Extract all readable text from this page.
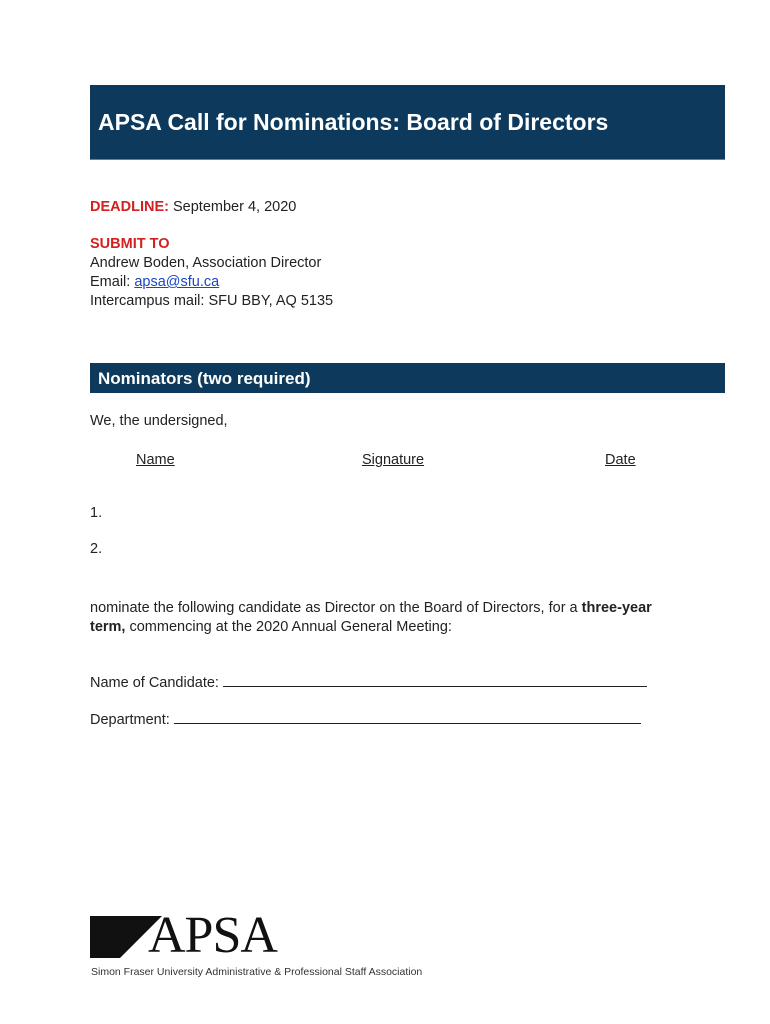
APSA Call for Nominations: Board of Directors
DEADLINE: September 4, 2020
SUBMIT TO
Andrew Boden, Association Director
Email: apsa@sfu.ca
Intercampus mail: SFU BBY, AQ 5135
Nominators (two required)
We, the undersigned,
Name	Signature	Date
1.
2.
nominate the following candidate as Director on the Board of Directors, for a three-year
term, commencing at the 2020 Annual General Meeting:
Name of Candidate:
Department:
APSA
Simon Fraser University Administrative & Professional Staff Association
